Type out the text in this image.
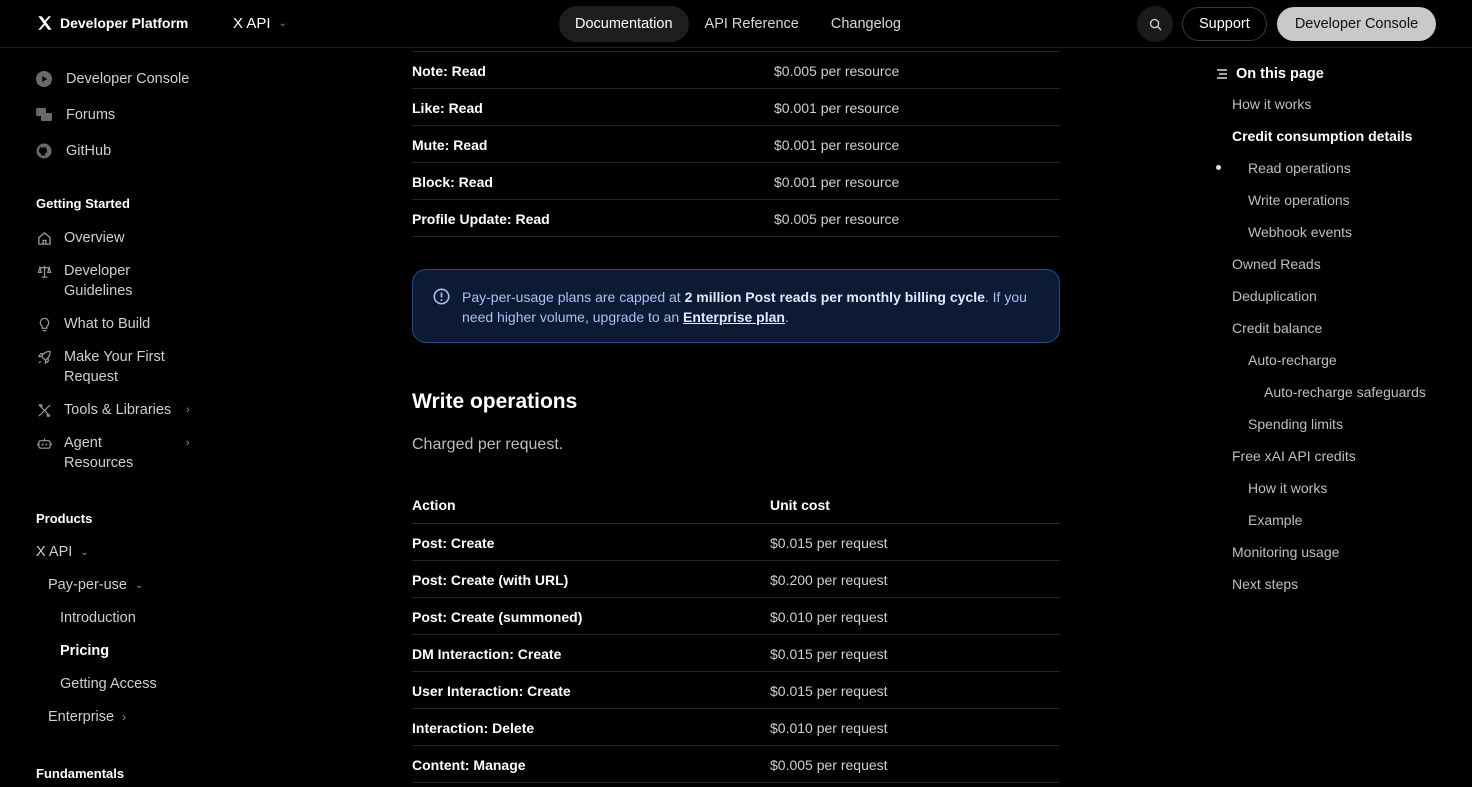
Developer Platform	X API ⌄	Documentation	API Reference	Changelog	Support	Developer Console
Developer Console
Forums
GitHub
Getting Started
Overview
Developer Guidelines
What to Build
Make Your First Request
Tools & Libraries ›
Agent Resources
›
Products
X API ⌄
Pay-per-use ⌄
Introduction
Pricing
Getting Access
Enterprise ›
Fundamentals
Note: Read	$0.005 per resource
Like: Read	$0.001 per resource
Mute: Read	$0.001 per resource
Block: Read	$0.001 per resource
Profile Update: Read	$0.005 per resource
Pay-per-usage plans are capped at 2 million Post reads per monthly billing cycle. If you need higher volume, upgrade to an Enterprise plan.
Write operations
Charged per request.
Action	Unit cost
Post: Create	$0.015 per request
Post: Create (with URL)	$0.200 per request
Post: Create (summoned)	$0.010 per request
DM Interaction: Create	$0.015 per request
User Interaction: Create	$0.015 per request
Interaction: Delete	$0.010 per request
Content: Manage	$0.005 per request
On this page
How it works
Credit consumption details
Read operations
Write operations
Webhook events
Owned Reads
Deduplication
Credit balance
Auto-recharge
Auto-recharge safeguards
Spending limits
Free xAI API credits
How it works
Example
Monitoring usage
Next steps
